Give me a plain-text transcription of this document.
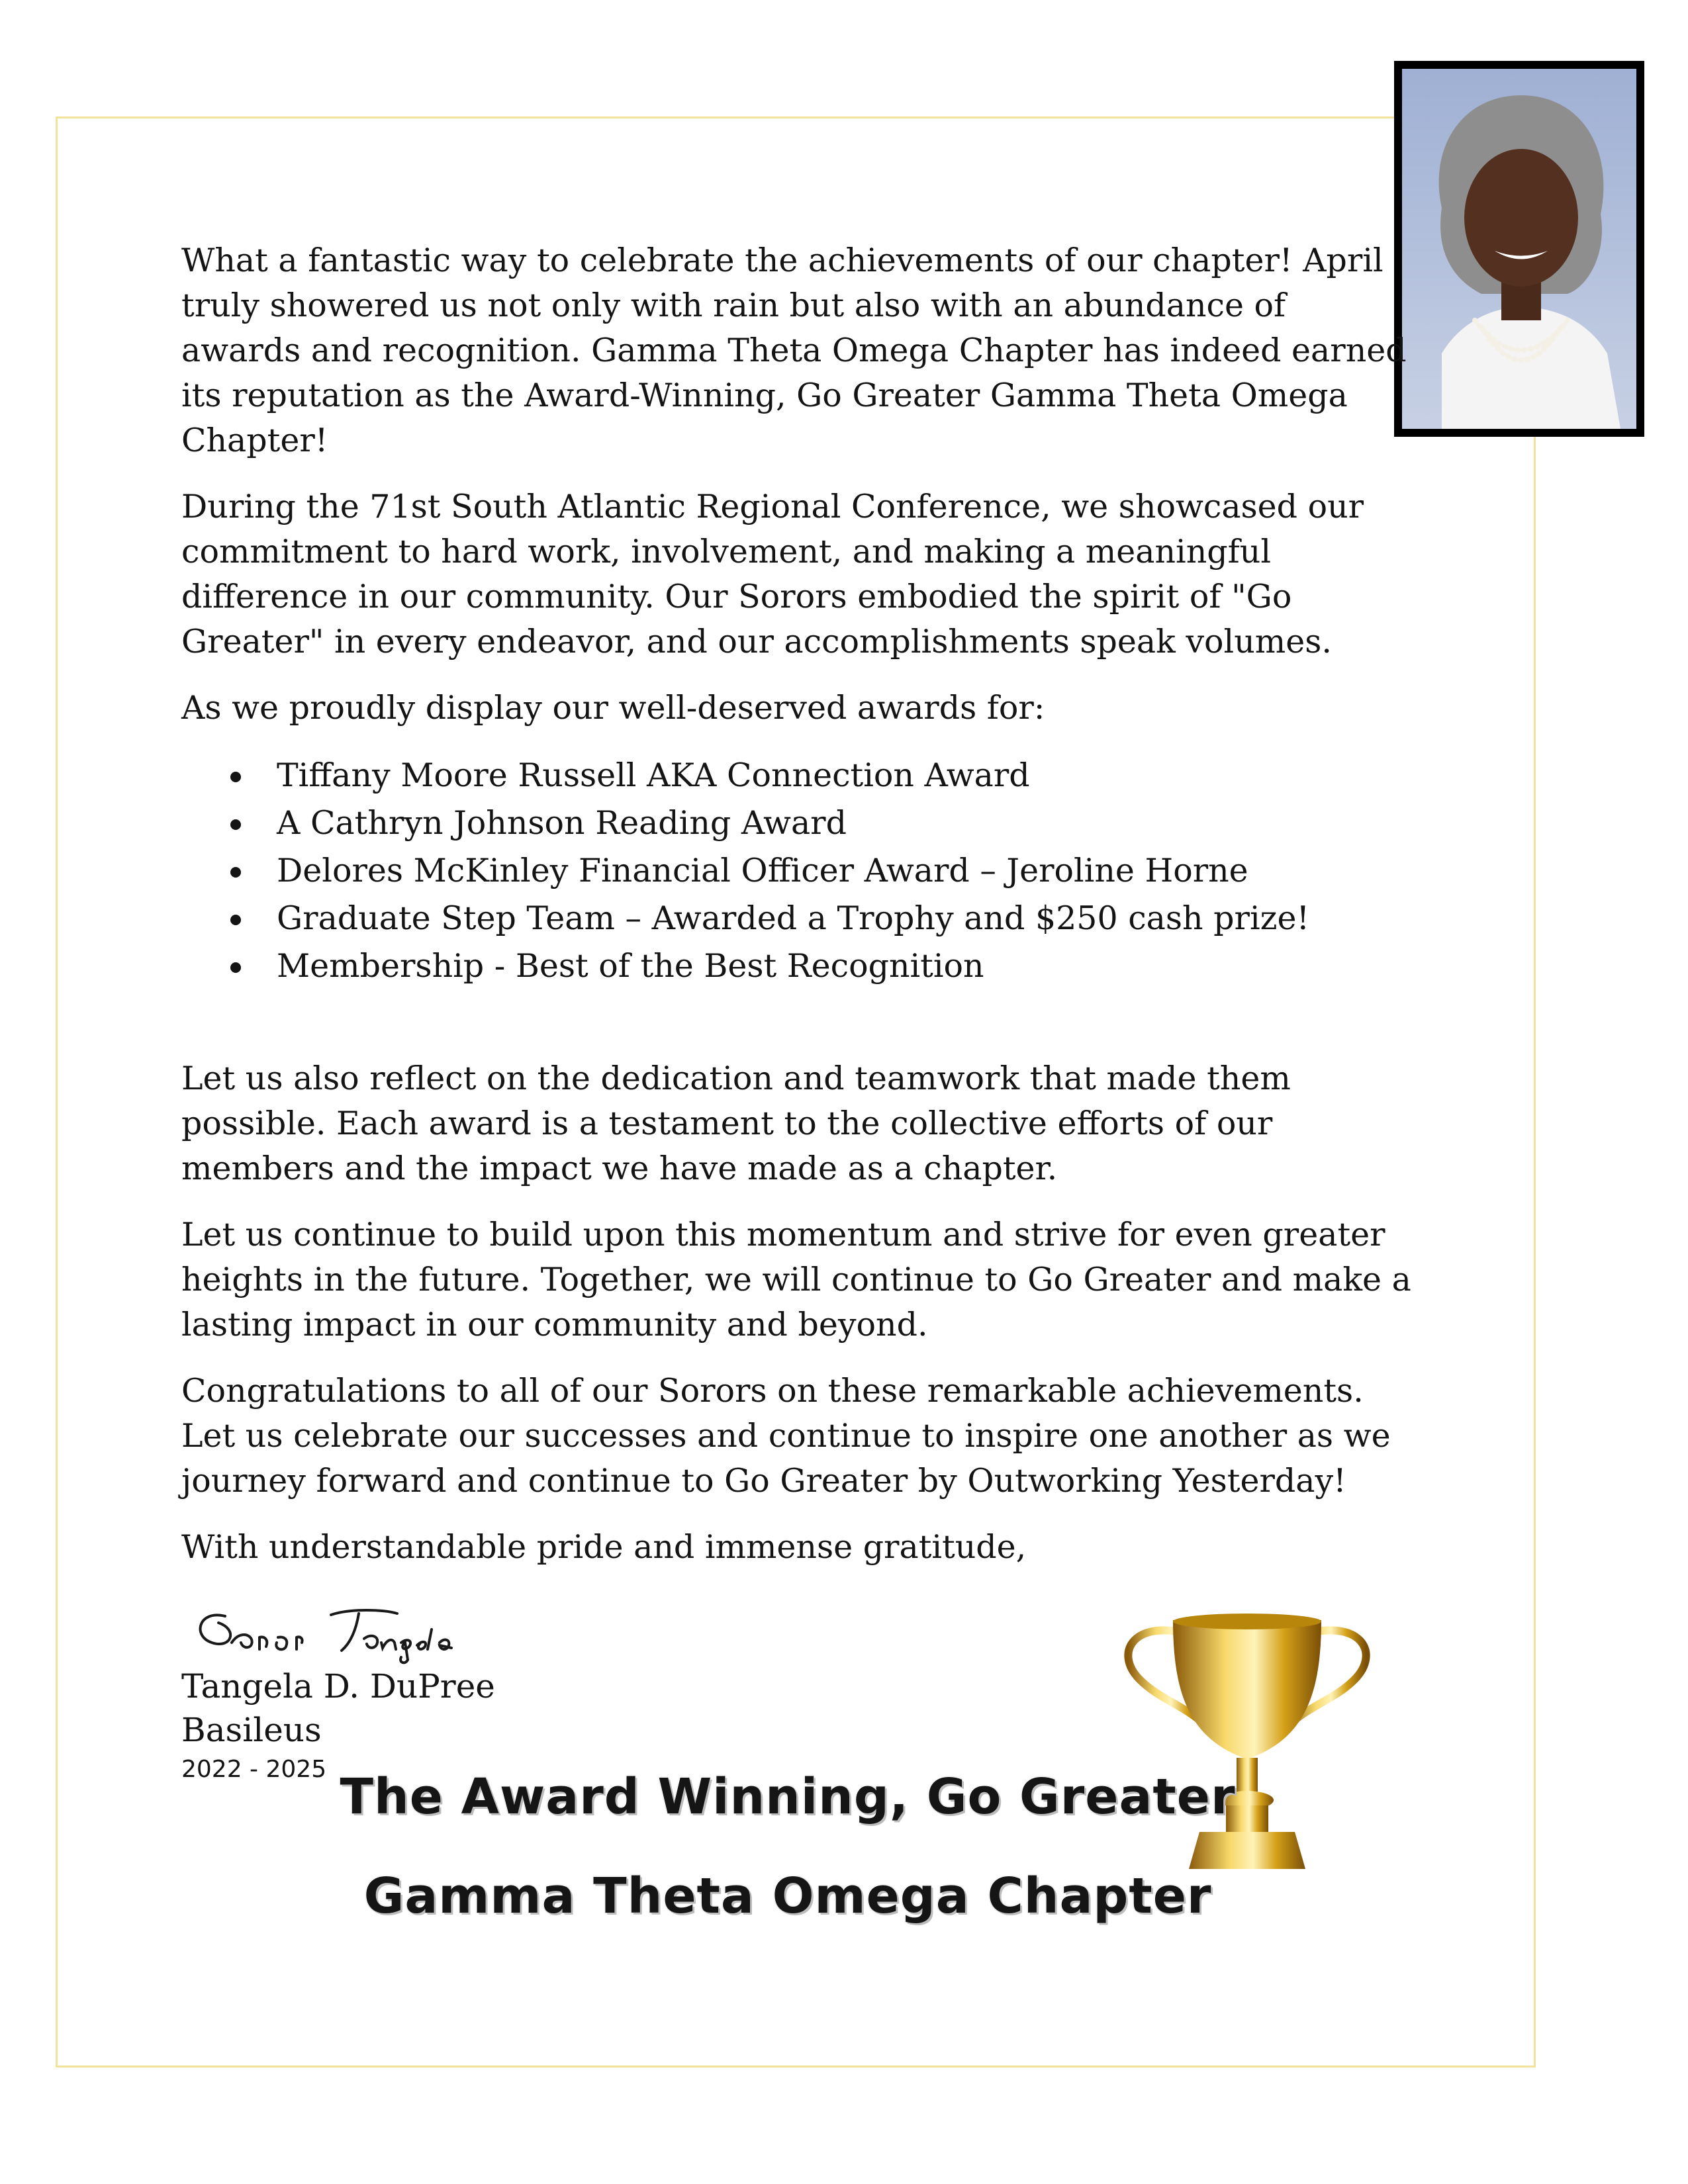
What a fantastic way to celebrate the achievements of our chapter! April truly showered us not only with rain but also with an abundance of awards and recognition. Gamma Theta Omega Chapter has indeed earned its reputation as the Award-Winning, Go Greater Gamma Theta Omega Chapter!

During the 71st South Atlantic Regional Conference, we showcased our commitment to hard work, involvement, and making a meaningful difference in our community. Our Sorors embodied the spirit of "Go Greater" in every endeavor, and our accomplishments speak volumes.

As we proudly display our well-deserved awards for:

Tiffany Moore Russell AKA Connection Award
A Cathryn Johnson Reading Award
Delores McKinley Financial Officer Award – Jeroline Horne
Graduate Step Team – Awarded a Trophy and $250 cash prize!
Membership - Best of the Best Recognition

Let us also reflect on the dedication and teamwork that made them possible. Each award is a testament to the collective efforts of our members and the impact we have made as a chapter.

Let us continue to build upon this momentum and strive for even greater heights in the future. Together, we will continue to Go Greater and make a lasting impact in our community and beyond.

Congratulations to all of our Sorors on these remarkable achievements. Let us celebrate our successes and continue to inspire one another as we journey forward and continue to Go Greater by Outworking Yesterday!

With understandable pride and immense gratitude,

Tangela D. DuPree
Basileus
2022 - 2025 The Award Winning, Go Greater
Gamma Theta Omega Chapter
